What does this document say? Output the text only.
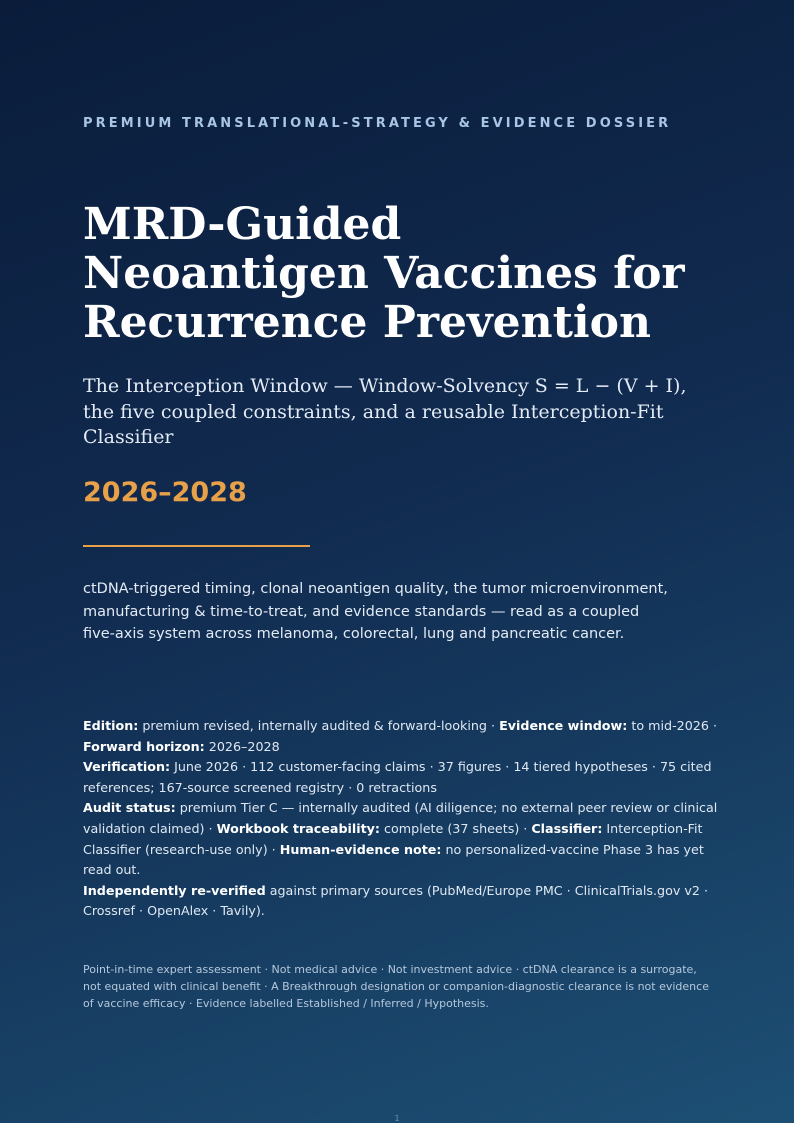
PREMIUM TRANSLATIONAL-STRATEGY & EVIDENCE DOSSIER
MRD-Guided
Neoantigen Vaccines for
Recurrence Prevention

The Interception Window — Window-Solvency S = L − (V + I), the five coupled constraints, and a reusable Interception-Fit Classifier

2026–2028

ctDNA-triggered timing, clonal neoantigen quality, the tumor microenvironment, manufacturing & time-to-treat, and evidence standards — read as a coupled five-axis system across melanoma, colorectal, lung and pancreatic cancer.

Edition: premium revised, internally audited & forward-looking · Evidence window: to mid-2026 · Forward horizon: 2026–2028

Verification: June 2026 · 112 customer-facing claims · 37 figures · 14 tiered hypotheses · 75 cited references; 167-source screened registry · 0 retractions

Audit status: premium Tier C — internally audited (AI diligence; no external peer review or clinical validation claimed) · Workbook traceability: complete (37 sheets) · Classifier: Interception-Fit Classifier (research-use only) · Human-evidence note: no personalized-vaccine Phase 3 has yet read out.

Independently re-verified against primary sources (PubMed/Europe PMC · ClinicalTrials.gov v2 · Crossref · OpenAlex · Tavily).

Point-in-time expert assessment · Not medical advice · Not investment advice · ctDNA clearance is a surrogate, not equated with clinical benefit · A Breakthrough designation or companion-diagnostic clearance is not evidence of vaccine efficacy · Evidence labelled Established / Inferred / Hypothesis.

1
